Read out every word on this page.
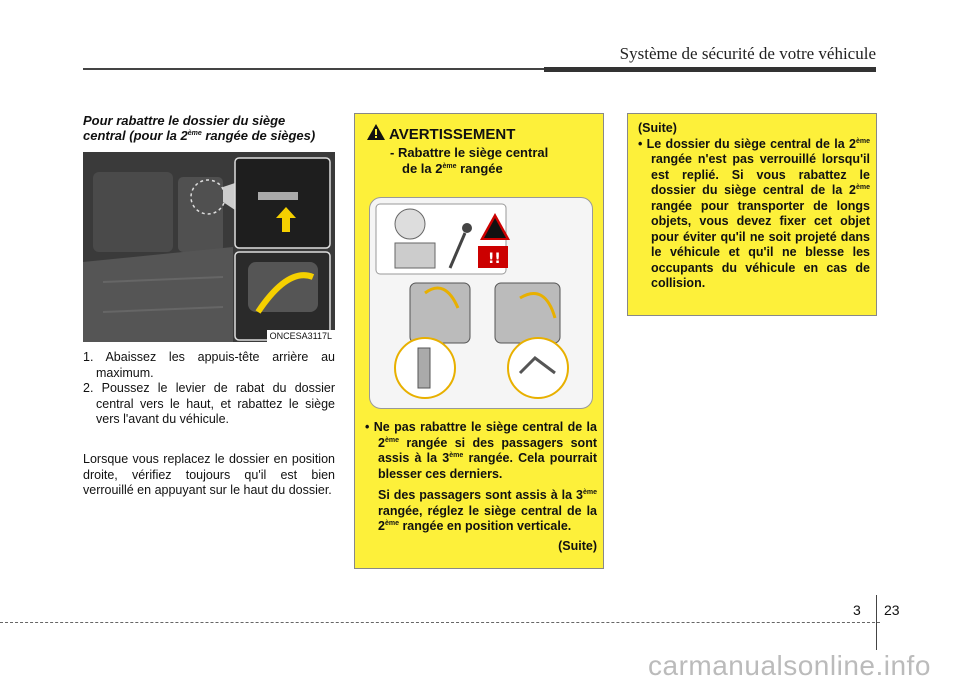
Système de sécurité de votre véhicule
Pour rabattre le dossier du siège
central (pour la 2ème rangée de sièges)
ONCESA3117L

1. Abaissez les appuis-tête arrière au maximum.

2. Poussez le levier de rabat du dossier central vers le haut, et rabattez le siège vers l'avant du véhicule.

Lorsque vous replacez le dossier en position droite, vérifiez toujours qu'il est bien verrouillé en appuyant sur le haut du dossier.
AVERTISSEMENT
- Rabattre le siège central
de la 2ème rangée
!!

• Ne pas rabattre le siège central de la 2ème rangée si des passagers sont assis à la 3ème rangée. Cela pourrait blesser ces derniers.

Si des passagers sont assis à la 3ème rangée, réglez le siège central de la 2ème rangée en position verticale.

(Suite)

(Suite)

• Le dossier du siège central de la 2ème rangée n'est pas verrouillé lorsqu'il est replié. Si vous rabattez le dossier du siège central de la 2ème rangée pour transporter de longs objets, vous devez fixer cet objet pour éviter qu'il ne soit projeté dans le véhicule et qu'il ne blesse les occupants du véhicule en cas de collision.

3 23
carmanualsonline.info
